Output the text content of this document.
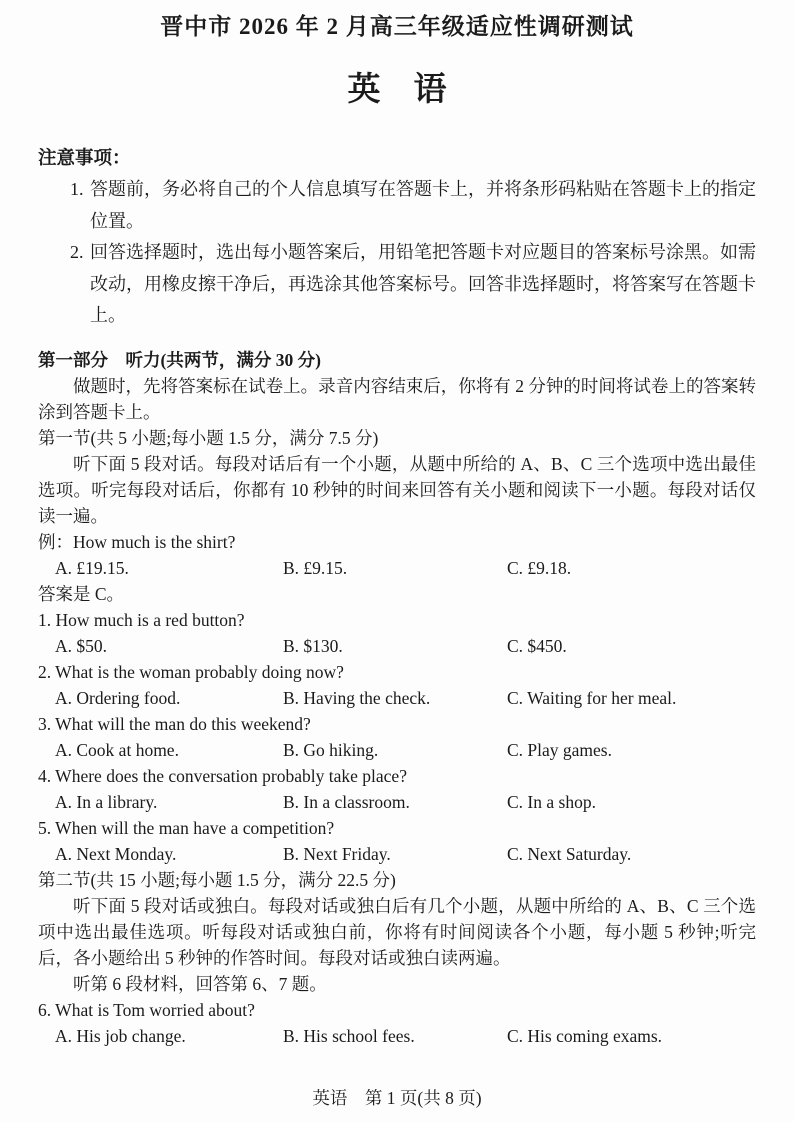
晋中市 2026 年 2 月高三年级适应性调研测试
英　语
注意事项：
1. 答题前，务必将自己的个人信息填写在答题卡上，并将条形码粘贴在答题卡上的指定位置。
2. 回答选择题时，选出每小题答案后，用铅笔把答题卡对应题目的答案标号涂黑。如需改动，用橡皮擦干净后，再选涂其他答案标号。回答非选择题时，将答案写在答题卡上。
第一部分　听力(共两节，满分 30 分)

做题时，先将答案标在试卷上。录音内容结束后，你将有 2 分钟的时间将试卷上的答案转涂到答题卡上。

第一节(共 5 小题;每小题 1.5 分，满分 7.5 分)

听下面 5 段对话。每段对话后有一个小题，从题中所给的 A、B、C 三个选项中选出最佳选项。听完每段对话后，你都有 10 秒钟的时间来回答有关小题和阅读下一小题。每段对话仅读一遍。

例：How much is the shirt?
A. £19.15.	B. £9.15.	C. £9.18.
答案是 C。
1. How much is a red button?
A. $50.	B. $130.	C. $450.
2. What is the woman probably doing now?
A. Ordering food.	B. Having the check.	C. Waiting for her meal.
3. What will the man do this weekend?
A. Cook at home.	B. Go hiking.	C. Play games.
4. Where does the conversation probably take place?
A. In a library.	B. In a classroom.	C. In a shop.
5. When will the man have a competition?
A. Next Monday.	B. Next Friday.	C. Next Saturday.
第二节(共 15 小题;每小题 1.5 分，满分 22.5 分)

听下面 5 段对话或独白。每段对话或独白后有几个小题，从题中所给的 A、B、C 三个选项中选出最佳选项。听每段对话或独白前，你将有时间阅读各个小题，每小题 5 秒钟;听完后，各小题给出 5 秒钟的作答时间。每段对话或独白读两遍。

听第 6 段材料，回答第 6、7 题。
6. What is Tom worried about?
A. His job change.	B. His school fees.	C. His coming exams.
英语　第 1 页(共 8 页)
